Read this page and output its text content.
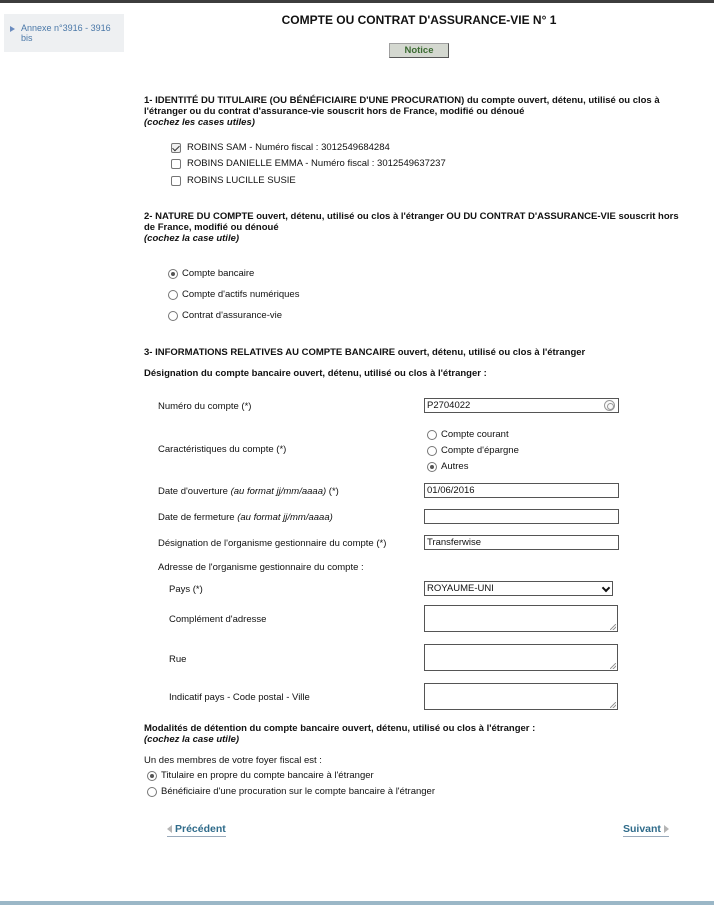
Annexe n°3916 - 3916 bis
COMPTE OU CONTRAT D'ASSURANCE-VIE N° 1
Notice
1- IDENTITÉ DU TITULAIRE (OU BÉNÉFICIAIRE D'UNE PROCURATION) du compte ouvert, détenu, utilisé ou clos à l'étranger ou du contrat d'assurance-vie souscrit hors de France, modifié ou dénoué
(cochez les cases utiles)
ROBINS SAM - Numéro fiscal : 3012549684284
ROBINS DANIELLE EMMA - Numéro fiscal : 3012549637237
ROBINS LUCILLE SUSIE
2- NATURE DU COMPTE ouvert, détenu, utilisé ou clos à l'étranger OU DU CONTRAT D'ASSURANCE-VIE souscrit hors de France, modifié ou dénoué
(cochez la case utile)
Compte bancaire
Compte d'actifs numériques
Contrat d'assurance-vie
3- INFORMATIONS RELATIVES AU COMPTE BANCAIRE ouvert, détenu, utilisé ou clos à l'étranger
Désignation du compte bancaire ouvert, détenu, utilisé ou clos à l'étranger :
Numéro du compte (*)	P2704022
Caractéristiques du compte (*)
Compte courant
Compte d'épargne
Autres
Date d'ouverture (au format jj/mm/aaaa) (*)	01/06/2016
Date de fermeture (au format jj/mm/aaaa)
Désignation de l'organisme gestionnaire du compte (*)	Transferwise
Adresse de l'organisme gestionnaire du compte :
Pays (*)	ROYAUME-UNI
Complément d'adresse
Rue
Indicatif pays - Code postal - Ville
Modalités de détention du compte bancaire ouvert, détenu, utilisé ou clos à l'étranger :
(cochez la case utile)
Un des membres de votre foyer fiscal est :
Titulaire en propre du compte bancaire à l'étranger
Bénéficiaire d'une procuration sur le compte bancaire à l'étranger
Précédent	Suivant
